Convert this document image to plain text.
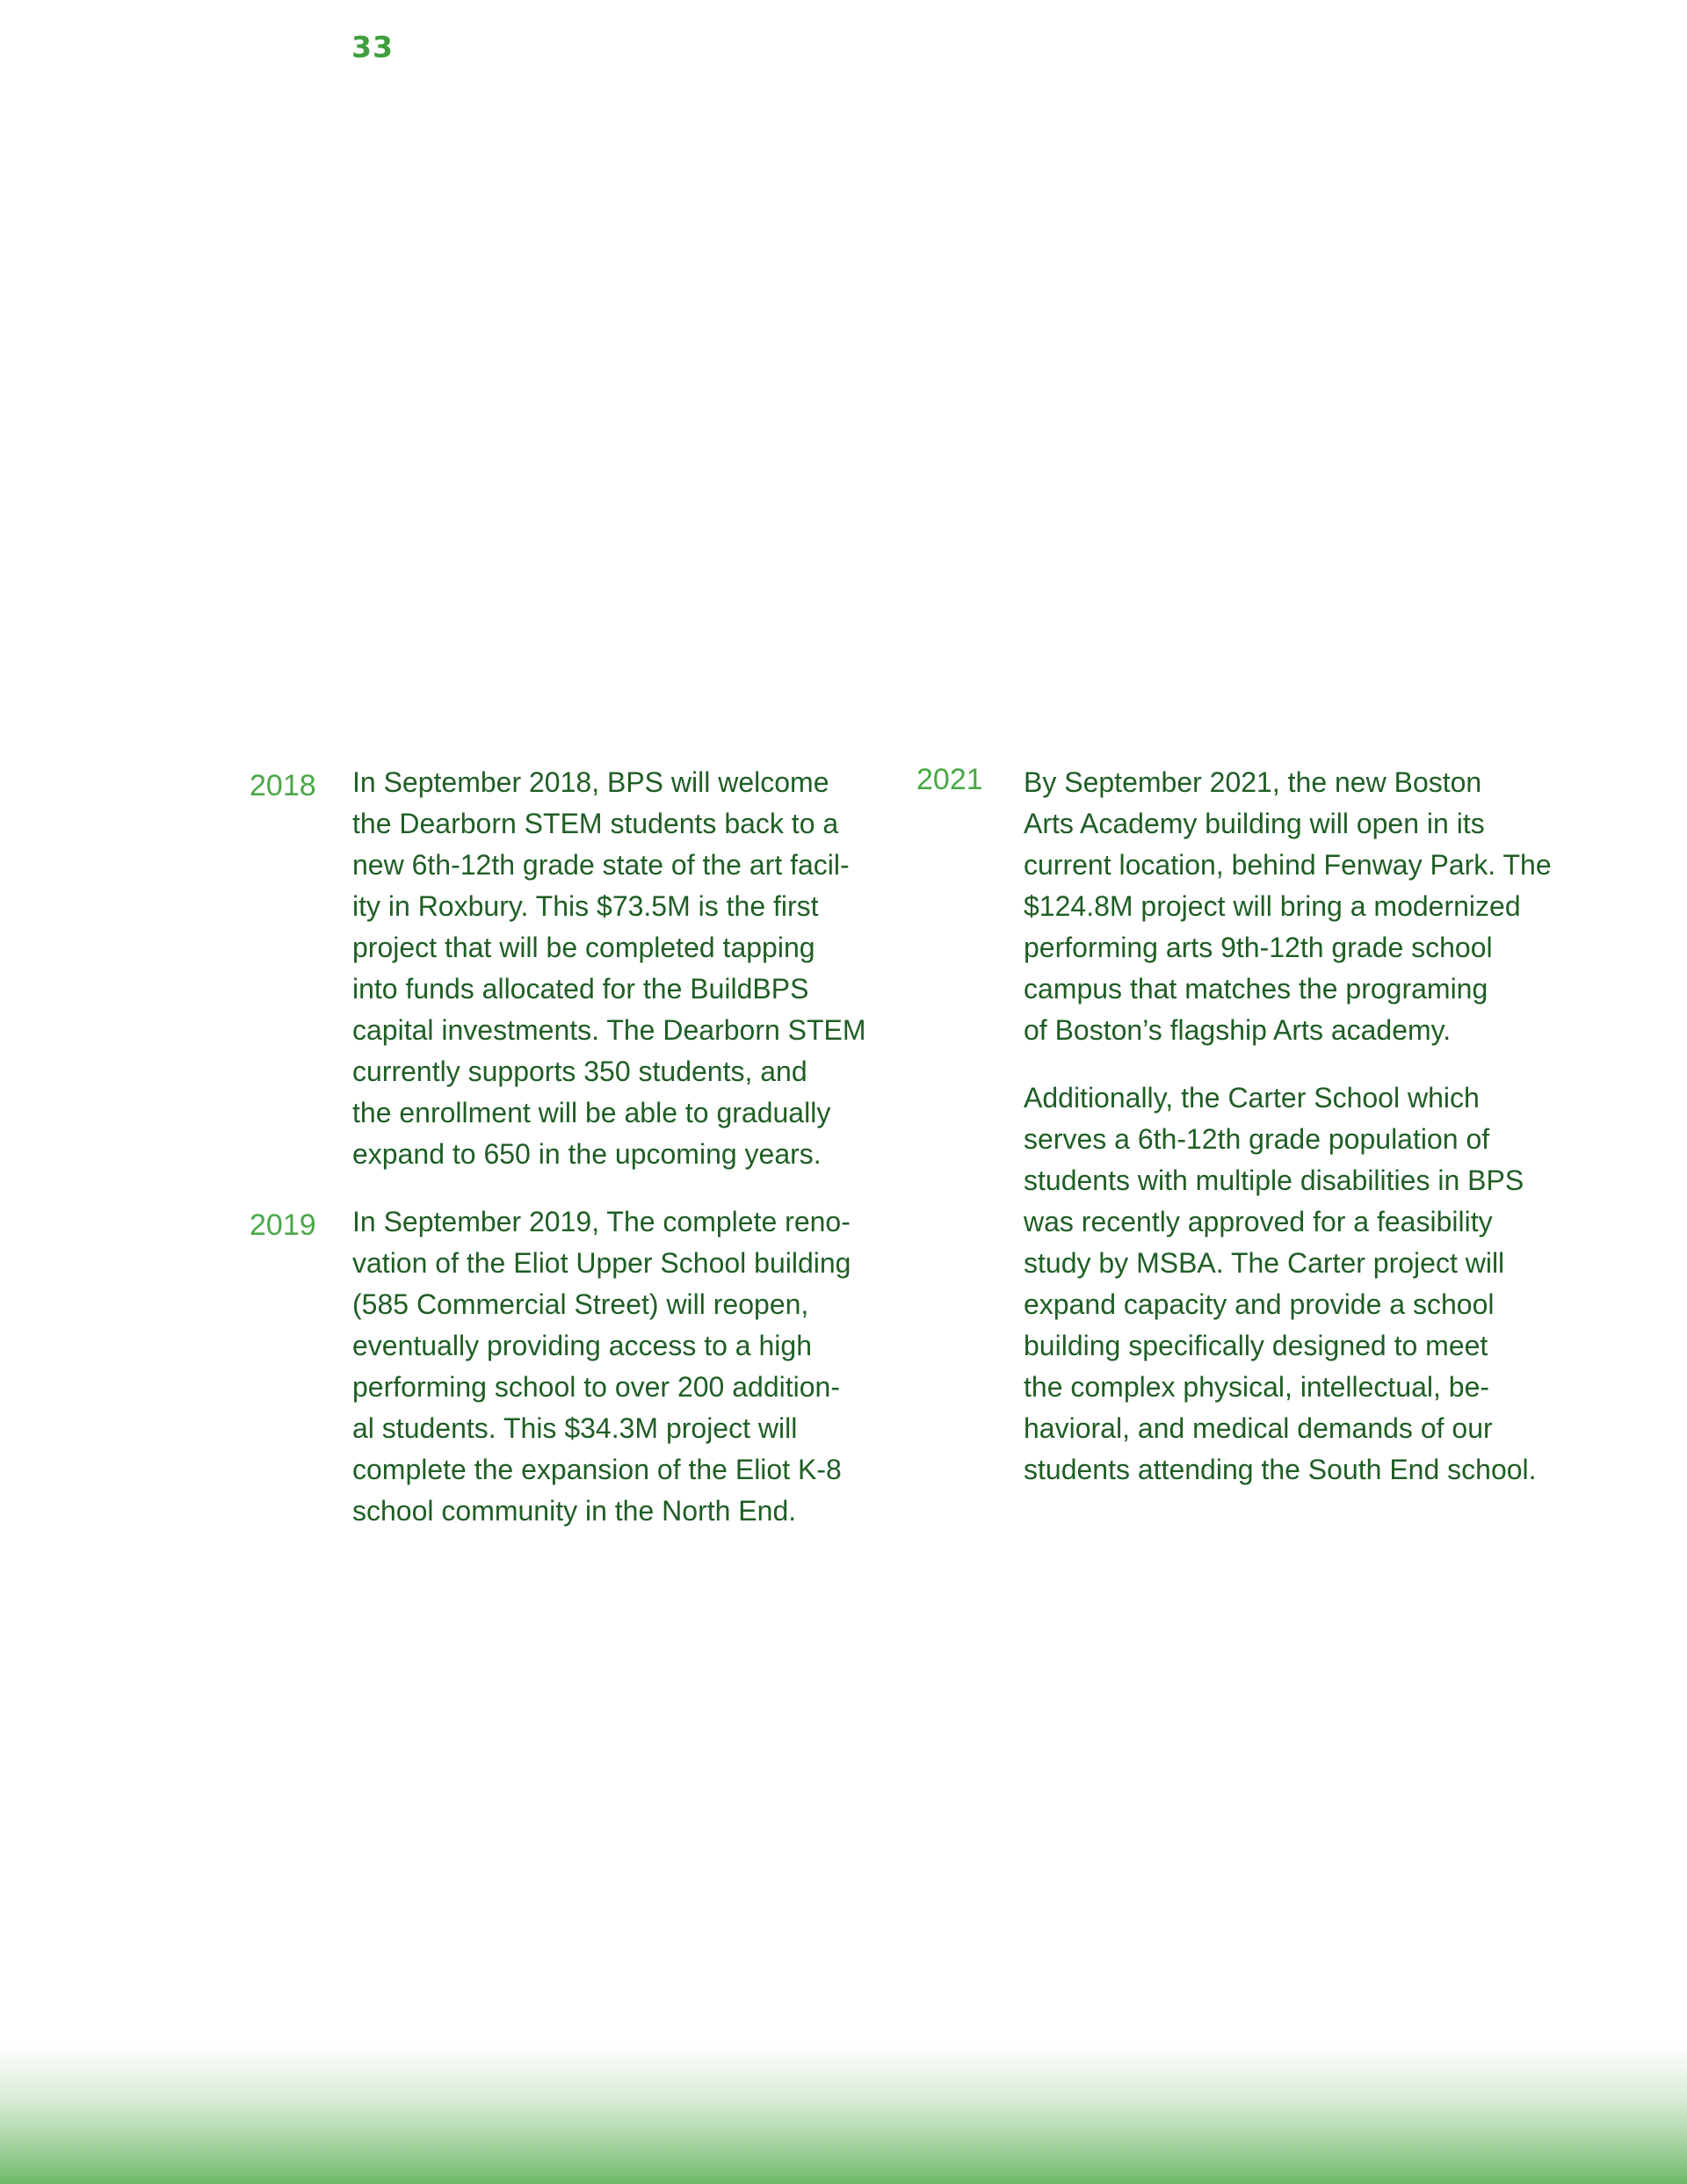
33
2018 In September 2018, BPS will welcome
the Dearborn STEM students back to a
new 6th-12th grade state of the art facil-
ity in Roxbury. This $73.5M is the first
project that will be completed tapping
into funds allocated for the BuildBPS
capital investments. The Dearborn STEM
currently supports 350 students, and
the enrollment will be able to gradually
expand to 650 in the upcoming years.

2019 In September 2019, The complete reno-
vation of the Eliot Upper School building
(585 Commercial Street) will reopen,
eventually providing access to a high
performing school to over 200 addition-
al students. This $34.3M project will
complete the expansion of the Eliot K-8
school community in the North End.

2021 By September 2021, the new Boston
Arts Academy building will open in its
current location, behind Fenway Park. The
$124.8M project will bring a modernized
performing arts 9th-12th grade school
campus that matches the programing
of Boston’s flagship Arts academy.

Additionally, the Carter School which
serves a 6th-12th grade population of
students with multiple disabilities in BPS
was recently approved for a feasibility
study by MSBA. The Carter project will
expand capacity and provide a school
building specifically designed to meet
the complex physical, intellectual, be-
havioral, and medical demands of our
students attending the South End school.
